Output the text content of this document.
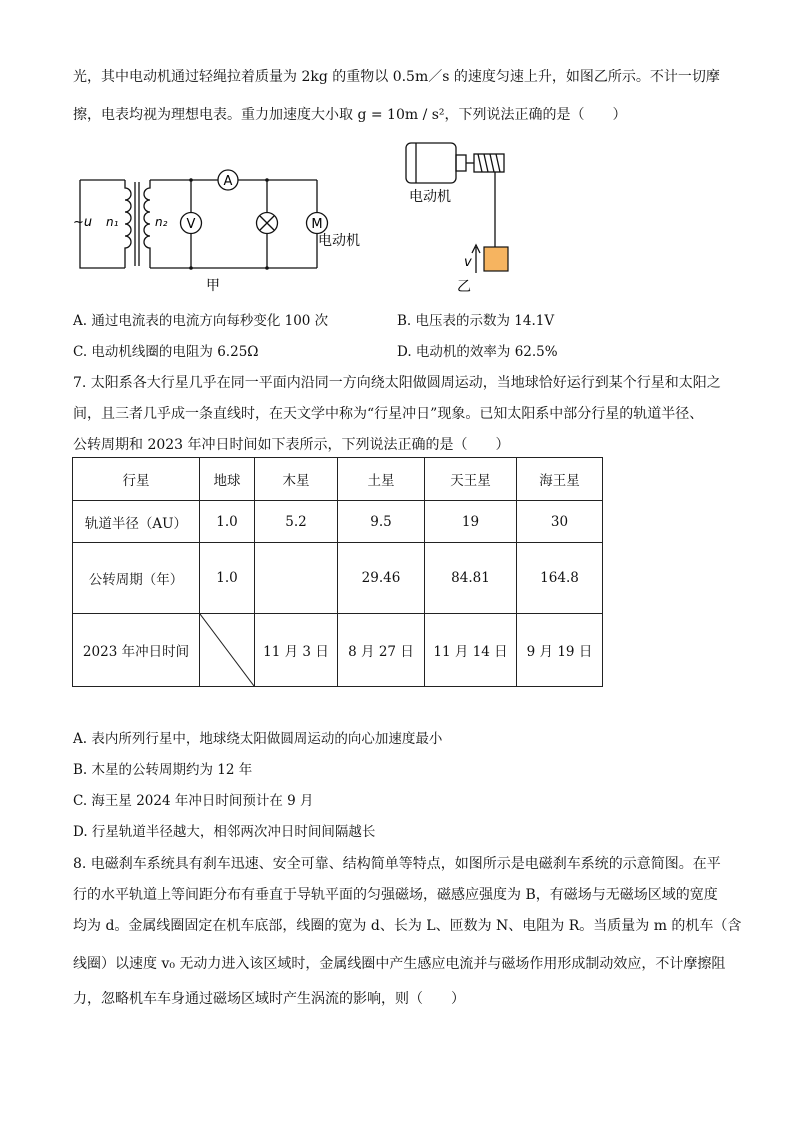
光，其中电动机通过轻绳拉着质量为 2kg 的重物以 0.5m／s 的速度匀速上升，如图乙所示。不计一切摩
擦，电表均视为理想电表。重力加速度大小取 g = 10m / s²，下列说法正确的是（　　）
~u n₁	n₂
A
V	M
电动机
甲
电动机
v
乙
A. 通过电流表的电流方向每秒变化 100 次	B. 电压表的示数为 14.1V
C. 电动机线圈的电阻为 6.25Ω	D. 电动机的效率为 62.5%
7. 太阳系各大行星几乎在同一平面内沿同一方向绕太阳做圆周运动，当地球恰好运行到某个行星和太阳之
间，且三者几乎成一条直线时，在天文学中称为“行星冲日”现象。已知太阳系中部分行星的轨道半径、
公转周期和 2023 年冲日时间如下表所示，下列说法正确的是（　　）
行星	地球	木星	土星	天王星	海王星
轨道半径（AU）	1.0	5.2	9.5	19	30
公转周期（年）	1.0		29.46	84.81	164.8
2023 年冲日时间		11 月 3 日	8 月 27 日	11 月 14 日	9 月 19 日
A. 表内所列行星中，地球绕太阳做圆周运动的向心加速度最小
B. 木星的公转周期约为 12 年
C. 海王星 2024 年冲日时间预计在 9 月
D. 行星轨道半径越大，相邻两次冲日时间间隔越长
8. 电磁刹车系统具有刹车迅速、安全可靠、结构简单等特点，如图所示是电磁刹车系统的示意简图。在平
行的水平轨道上等间距分布有垂直于导轨平面的匀强磁场，磁感应强度为 B，有磁场与无磁场区域的宽度
均为 d。金属线圈固定在机车底部，线圈的宽为 d、长为 L、匝数为 N、电阻为 R。当质量为 m 的机车（含
线圈）以速度 v₀ 无动力进入该区域时，金属线圈中产生感应电流并与磁场作用形成制动效应，不计摩擦阻
力，忽略机车车身通过磁场区域时产生涡流的影响，则（　　）
